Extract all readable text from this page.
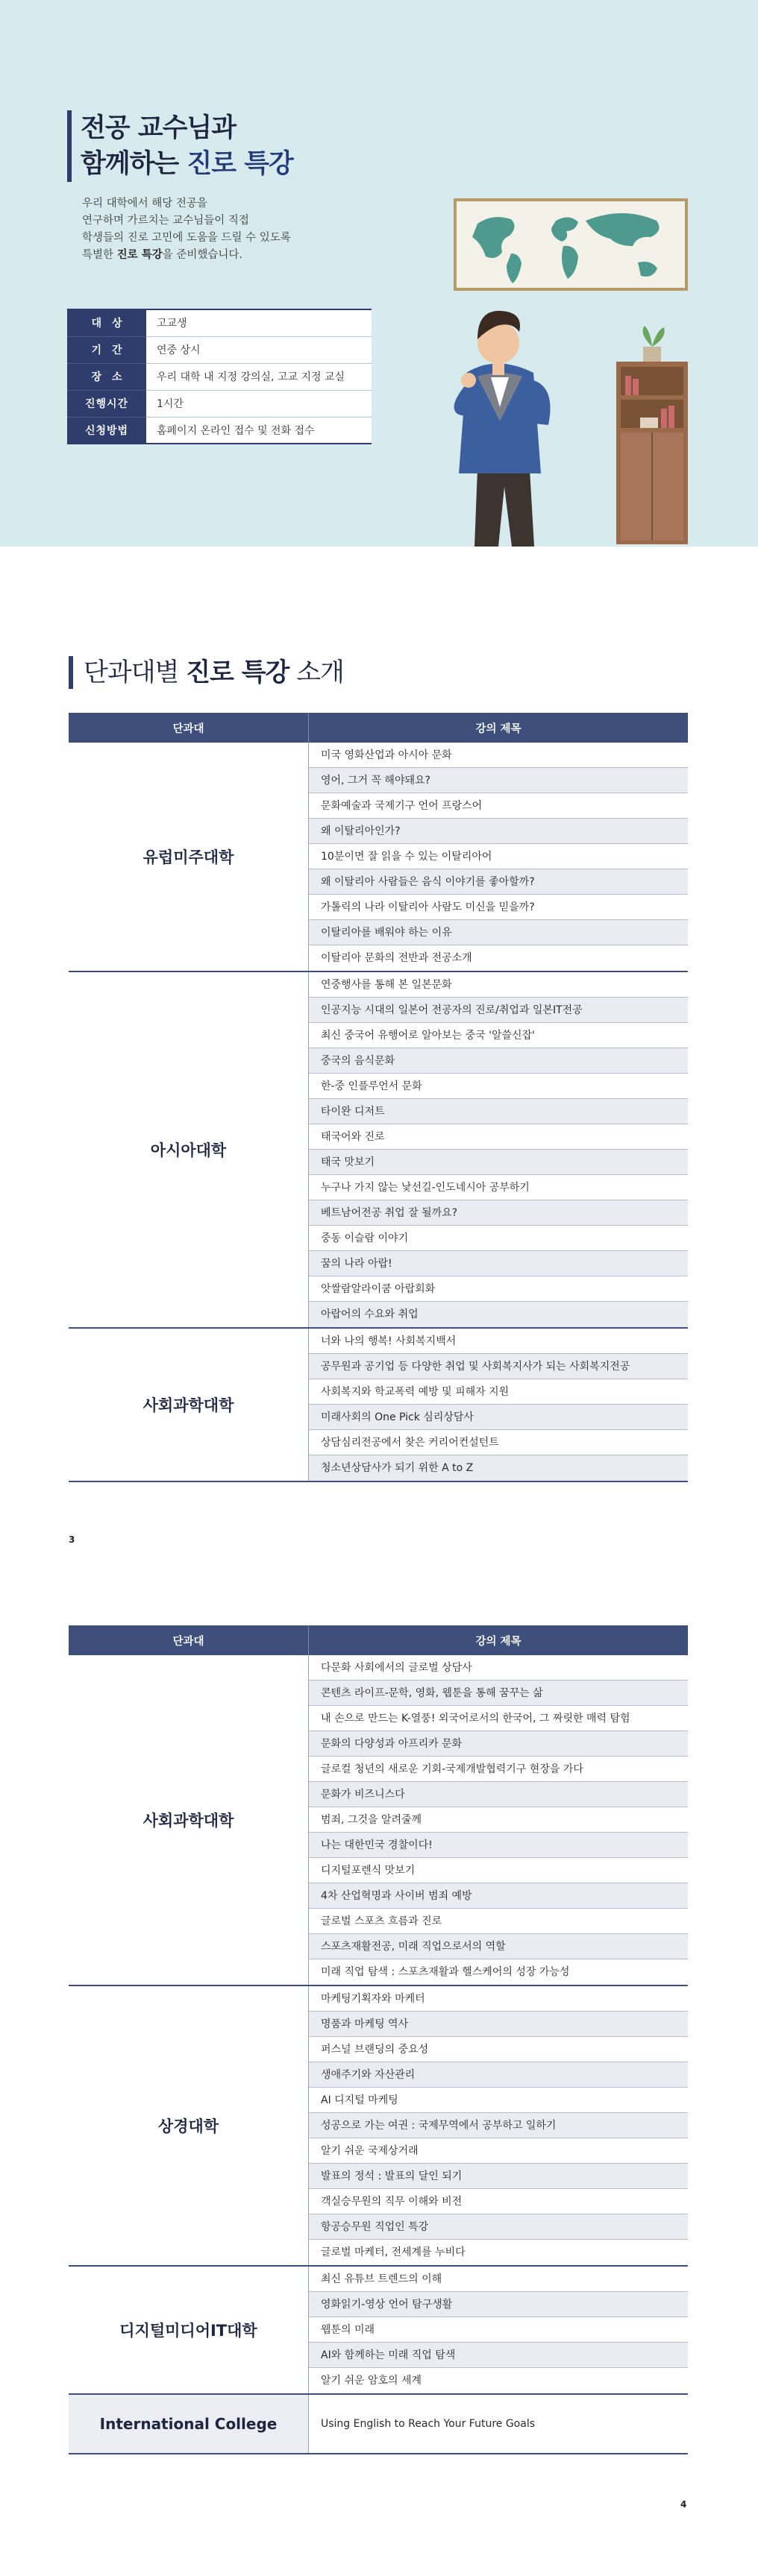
전공 교수님과
함께하는 진로 특강
우리 대학에서 해당 전공을
연구하며 가르치는 교수님들이 직접
학생들의 진로 고민에 도움을 드릴 수 있도록
특별한 진로 특강을 준비했습니다.
대상	고교생
기간	연중 상시
장소	우리 대학 내 지정 강의실, 고교 지정 교실
진행시간	1시간
신청방법	홈페이지 온라인 접수 및 전화 접수
단과대별 진로 특강 소개
단과대	강의 제목
유럽미주대학
미국 영화산업과 아시아 문화
영어, 그거 꼭 해야돼요?
문화예술과 국제기구 언어 프랑스어
왜 이탈리아인가?
10분이면 잘 읽을 수 있는 이탈리아어
왜 이탈리아 사람들은 음식 이야기를 좋아할까?
가톨릭의 나라 이탈리아 사람도 미신을 믿을까?
이탈리아를 배워야 하는 이유
이탈리아 문화의 전반과 전공소개
아시아대학
연중행사를 통해 본 일본문화
인공지능 시대의 일본어 전공자의 진로/취업과 일본IT전공
최신 중국어 유행어로 알아보는 중국 '알쓸신잡'
중국의 음식문화
한-중 인플루언서 문화
타이완 디저트
태국어와 진로
태국 맛보기
누구나 가지 않는 낯선길-인도네시아 공부하기
베트남어전공 취업 잘 될까요?
중동 이슬람 이야기
꿈의 나라 아랍!
앗쌀람알라이쿰 아랍회화
아랍어의 수요와 취업
사회과학대학
너와 나의 행복! 사회복지백서
공무원과 공기업 등 다양한 취업 및 사회복지사가 되는 사회복지전공
사회복지와 학교폭력 예방 및 피해자 지원
미래사회의 One Pick 심리상담사
상담심리전공에서 찾은 커리어컨설턴트
청소년상담사가 되기 위한 A to Z
3
단과대	강의 제목
사회과학대학
다문화 사회에서의 글로벌 상담사
콘텐츠 라이프-문학, 영화, 웹툰을 통해 꿈꾸는 삶
내 손으로 만드는 K-열풍! 외국어로서의 한국어, 그 짜릿한 매력 탐험
문화의 다양성과 아프리카 문화
글로컬 청년의 새로운 기회-국제개발협력기구 현장을 가다
문화가 비즈니스다
범죄, 그것을 알려줄께
나는 대한민국 경찰이다!
디지털포렌식 맛보기
4차 산업혁명과 사이버 범죄 예방
글로벌 스포츠 흐름과 진로
스포츠재활전공, 미래 직업으로서의 역할
미래 직업 탐색 : 스포츠재활과 헬스케어의 성장 가능성
상경대학
마케팅기획자와 마케터
명품과 마케팅 역사
퍼스널 브랜딩의 중요성
생애주기와 자산관리
AI 디지털 마케팅
성공으로 가는 여권 : 국제무역에서 공부하고 일하기
알기 쉬운 국제상거래
발표의 정석 : 발표의 달인 되기
객실승무원의 직무 이해와 비전
항공승무원 직업인 특강
글로벌 마케터, 전세계를 누비다
디지털미디어IT대학
최신 유튜브 트렌드의 이해
영화읽기-영상 언어 탐구생활
웹툰의 미래
AI와 함께하는 미래 직업 탐색
알기 쉬운 암호의 세계
International College	Using English to Reach Your Future Goals
4
